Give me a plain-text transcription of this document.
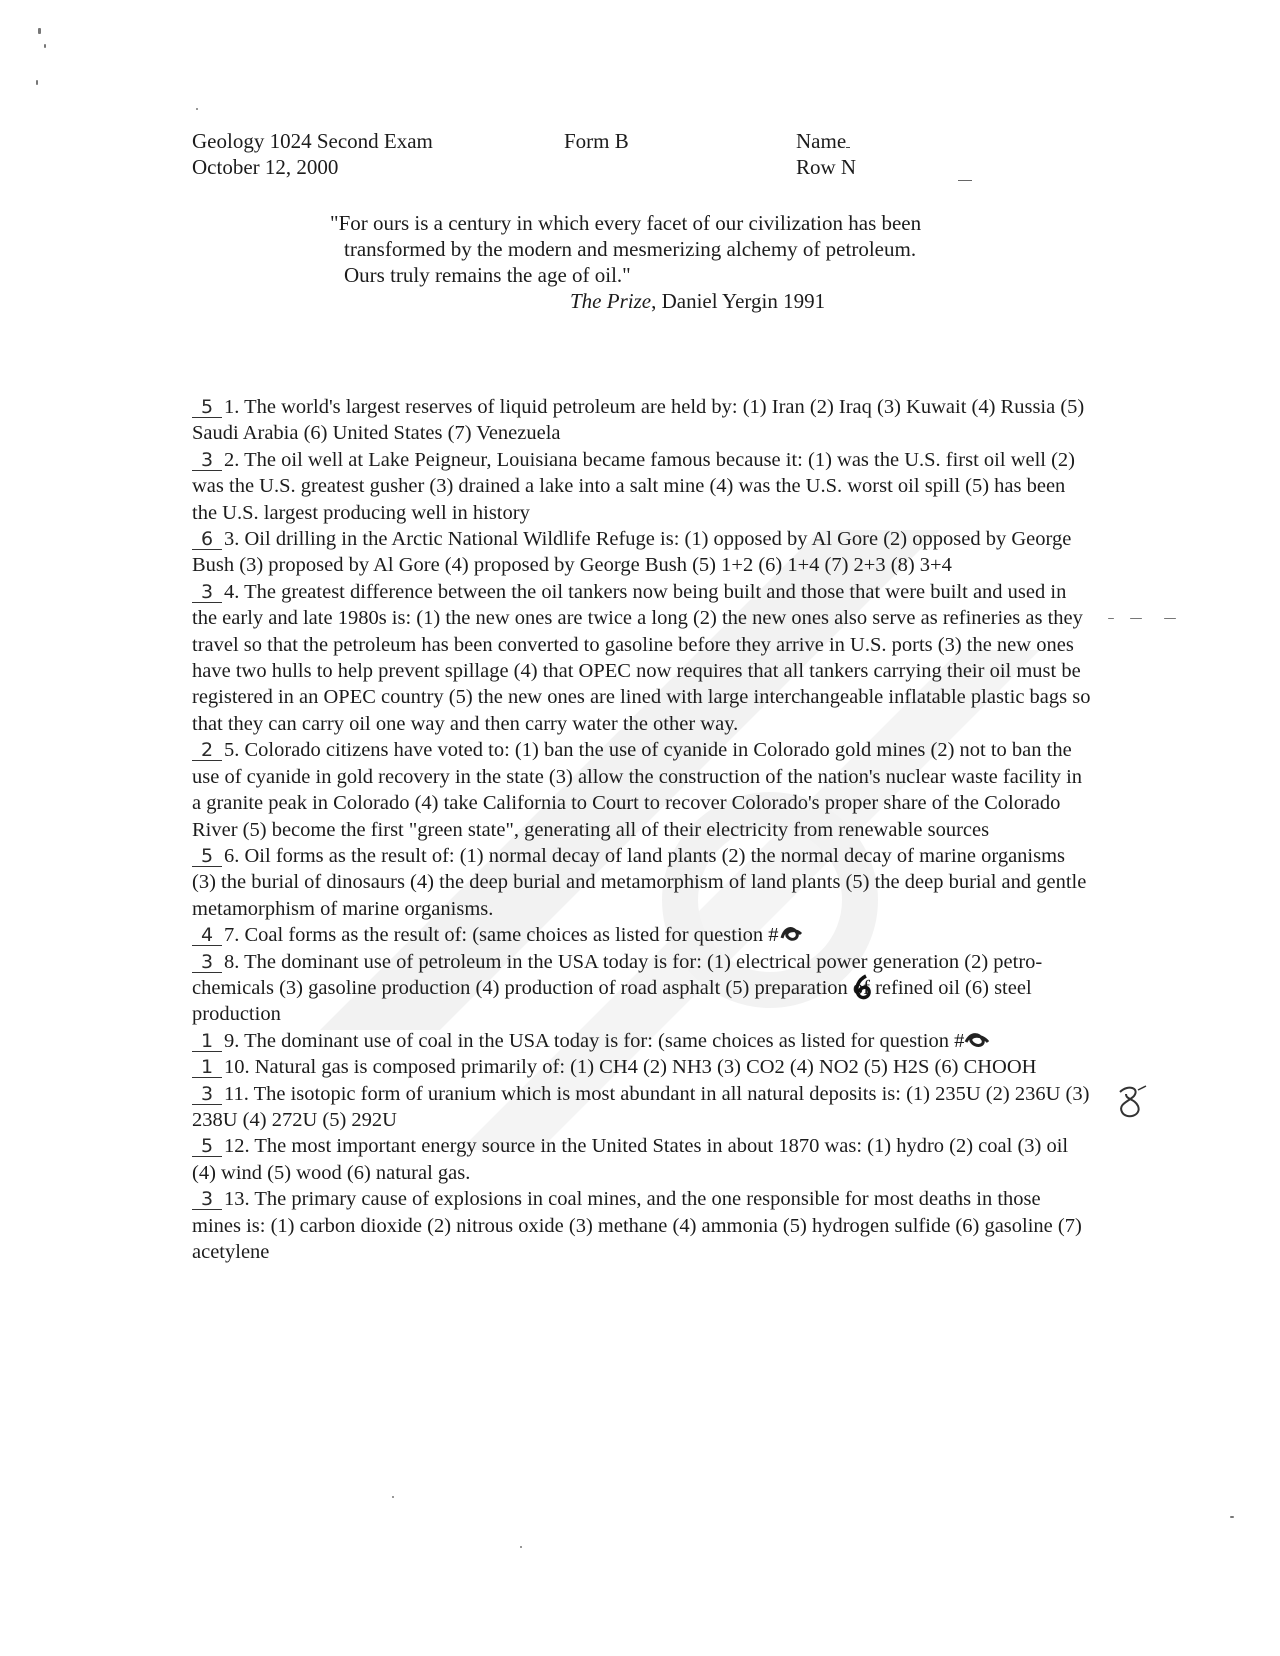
Geology 1024 Second Exam
October 12, 2000
Form B	Name
Row N
"For ours is a century in which every facet of our civilization has been
transformed by the modern and mesmerizing alchemy of petroleum.
Ours truly remains the age of oil."
The Prize, Daniel Yergin 1991

5 1. The world's largest reserves of liquid petroleum are held by: (1) Iran (2) Iraq (3) Kuwait (4) Russia (5) Saudi Arabia (6) United States (7) Venezuela

3 2. The oil well at Lake Peigneur, Louisiana became famous because it: (1) was the U.S. first oil well (2) was the U.S. greatest gusher (3) drained a lake into a salt mine (4) was the U.S. worst oil spill (5) has been the U.S. largest producing well in history

6 3. Oil drilling in the Arctic National Wildlife Refuge is: (1) opposed by Al Gore (2) opposed by George Bush (3) proposed by Al Gore (4) proposed by George Bush (5) 1+2 (6) 1+4 (7) 2+3 (8) 3+4

3 4. The greatest difference between the oil tankers now being built and those that were built and used in the early and late 1980s is: (1) the new ones are twice a long (2) the new ones also serve as refineries as they travel so that the petroleum has been converted to gasoline before they arrive in U.S. ports (3) the new ones have two hulls to help prevent spillage (4) that OPEC now requires that all tankers carrying their oil must be registered in an OPEC country (5) the new ones are lined with large interchangeable inflatable plastic bags so that they can carry oil one way and then carry water the other way.

2 5. Colorado citizens have voted to: (1) ban the use of cyanide in Colorado gold mines (2) not to ban the use of cyanide in gold recovery in the state (3) allow the construction of the nation's nuclear waste facility in a granite peak in Colorado (4) take California to Court to recover Colorado's proper share of the Colorado River (5) become the first "green state", generating all of their electricity from renewable sources

5 6. Oil forms as the result of: (1) normal decay of land plants (2) the normal decay of marine organisms (3) the burial of dinosaurs (4) the deep burial and metamorphism of land plants (5) the deep burial and gentle metamorphism of marine organisms.

4 7. Coal forms as the result of: (same choices as listed for question #

3 8. The dominant use of petroleum in the USA today is for: (1) electrical power generation (2) petro-chemicals (3) gasoline production (4) production of road asphalt (5) preparation of refined oil (6) steel production

1 9. The dominant use of coal in the USA today is for: (same choices as listed for question #

1 10. Natural gas is composed primarily of: (1) CH4 (2) NH3 (3) CO2 (4) NO2 (5) H2S (6) CHOOH

3 11. The isotopic form of uranium which is most abundant in all natural deposits is: (1) 235U (2) 236U (3) 238U (4) 272U (5) 292U

5 12. The most important energy source in the United States in about 1870 was: (1) hydro (2) coal (3) oil (4) wind (5) wood (6) natural gas.

3 13. The primary cause of explosions in coal mines, and the one responsible for most deaths in those mines is: (1) carbon dioxide (2) nitrous oxide (3) methane (4) ammonia (5) hydrogen sulfide (6) gasoline (7) acetylene
